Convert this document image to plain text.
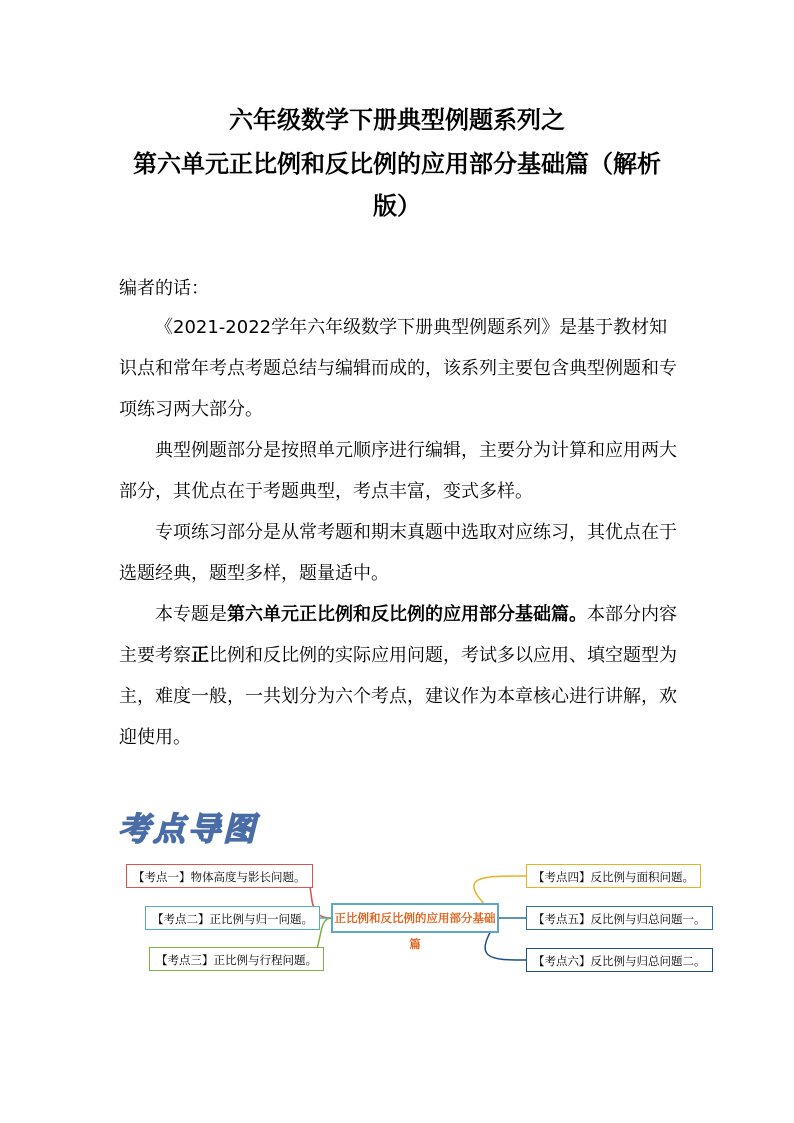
六年级数学下册典型例题系列之
第六单元正比例和反比例的应用部分基础篇（解析
版）
编者的话：
《2021-2022学年六年级数学下册典型例题系列》是基于教材知识点和常年考点考题总结与编辑而成的，该系列主要包含典型例题和专项练习两大部分。
典型例题部分是按照单元顺序进行编辑，主要分为计算和应用两大部分，其优点在于考题典型，考点丰富，变式多样。
专项练习部分是从常考题和期末真题中选取对应练习，其优点在于选题经典，题型多样，题量适中。
本专题是第六单元正比例和反比例的应用部分基础篇。本部分内容主要考察正比例和反比例的实际应用问题，考试多以应用、填空题型为主，难度一般，一共划分为六个考点，建议作为本章核心进行讲解，欢迎使用。
考点导图
正比例和反比例的应用部分基础篇
【考点一】物体高度与影长问题。
【考点二】正比例与归一问题。
【考点三】正比例与行程问题。
【考点四】反比例与面积问题。
【考点五】反比例与归总问题一。
【考点六】反比例与归总问题二。
